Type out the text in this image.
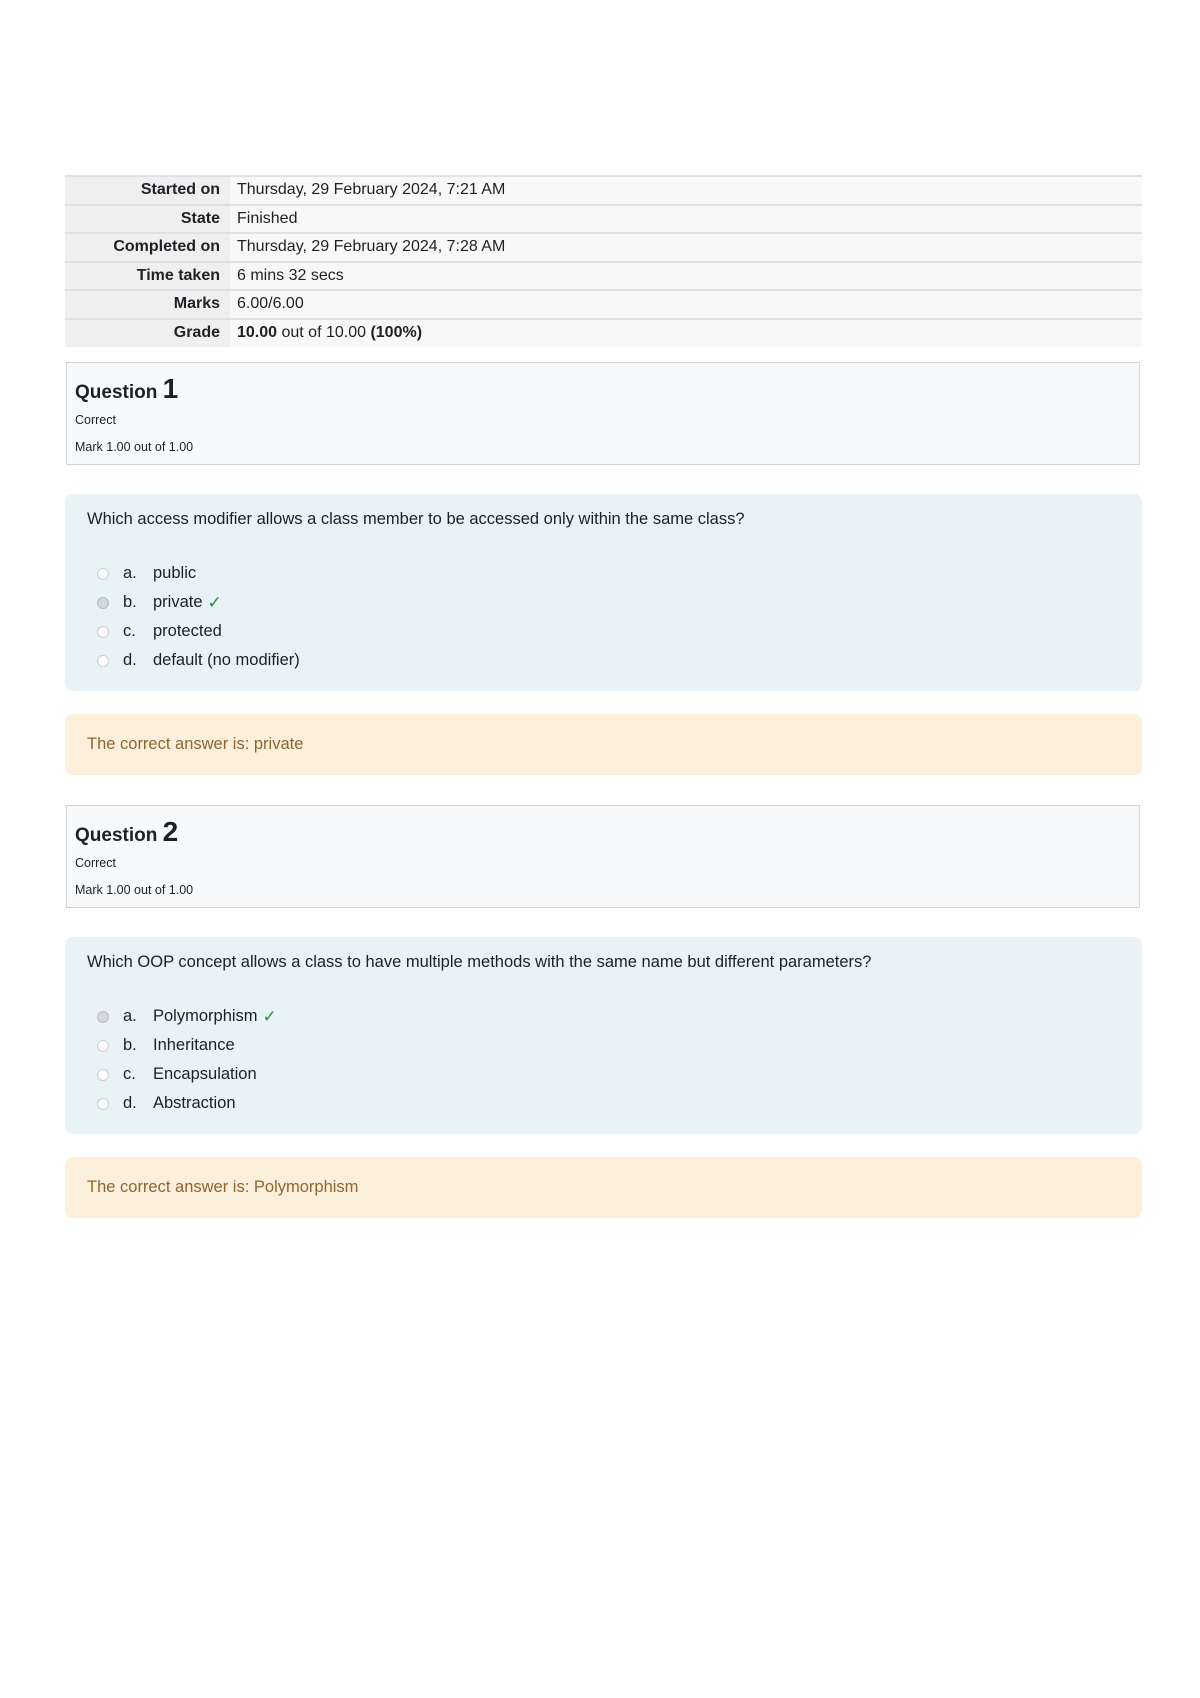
Started on	Thursday, 29 February 2024, 7:21 AM
State	Finished
Completed on	Thursday, 29 February 2024, 7:28 AM
Time taken	6 mins 32 secs
Marks	6.00/6.00
Grade	10.00 out of 10.00 (100%)
Question 1
Correct
Mark 1.00 out of 1.00
Which access modifier allows a class member to be accessed only within the same class?
a. public
b. private ✓
c.	protected
d. default (no modifier)
The correct answer is: private
Question 2
Correct
Mark 1.00 out of 1.00
Which OOP concept allows a class to have multiple methods with the same name but different parameters?
a. Polymorphism ✓
b. Inheritance
c.	Encapsulation
d. Abstraction
The correct answer is: Polymorphism
